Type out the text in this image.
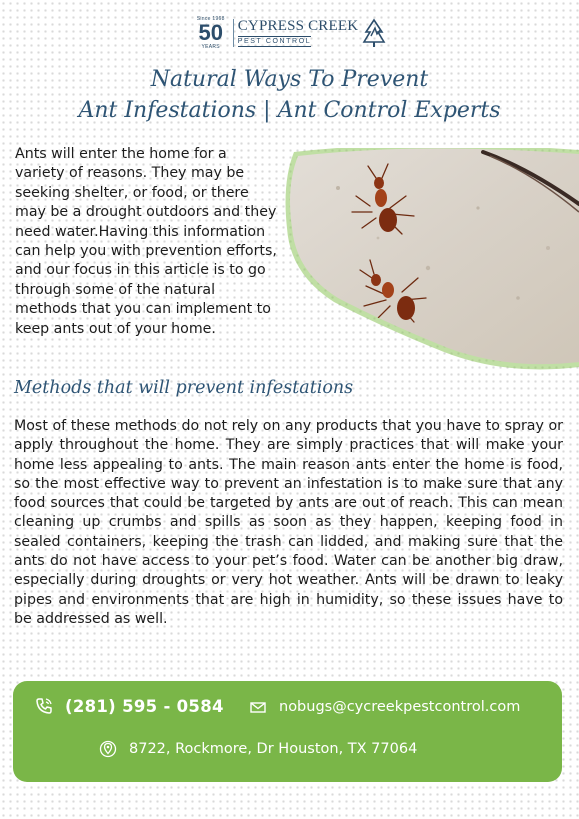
Since 1968
50
YEARS
CYPRESS CREEK
PEST CONTROL
Natural Ways To Prevent
Ant Infestations | Ant Control Experts

Ants will enter the home for a variety of reasons. They may be seeking shelter, or food, or there may be a drought outdoors and they need water.Having this information can help you with prevention efforts, and our focus in this article is to go through some of the natural methods that you can implement to keep ants out of your home.

Methods that will prevent infestations

Most of these methods do not rely on any products that you have to spray or apply throughout the home. They are simply practices that will make your home less appealing to ants. The main reason ants enter the home is food, so the most effective way to prevent an infestation is to make sure that any food sources that could be targeted by ants are out of reach. This can mean cleaning up crumbs and spills as soon as they happen, keeping food in sealed containers, keeping the trash can lidded, and making sure that the ants do not have access to your pet’s food. Water can be another big draw, especially during droughts or very hot weather. Ants will be drawn to leaky pipes and environments that are high in humidity, so these issues have to be addressed as well.

(281) 595 - 0584	nobugs@cycreekpestcontrol.com
8722, Rockmore, Dr Houston, TX 77064
